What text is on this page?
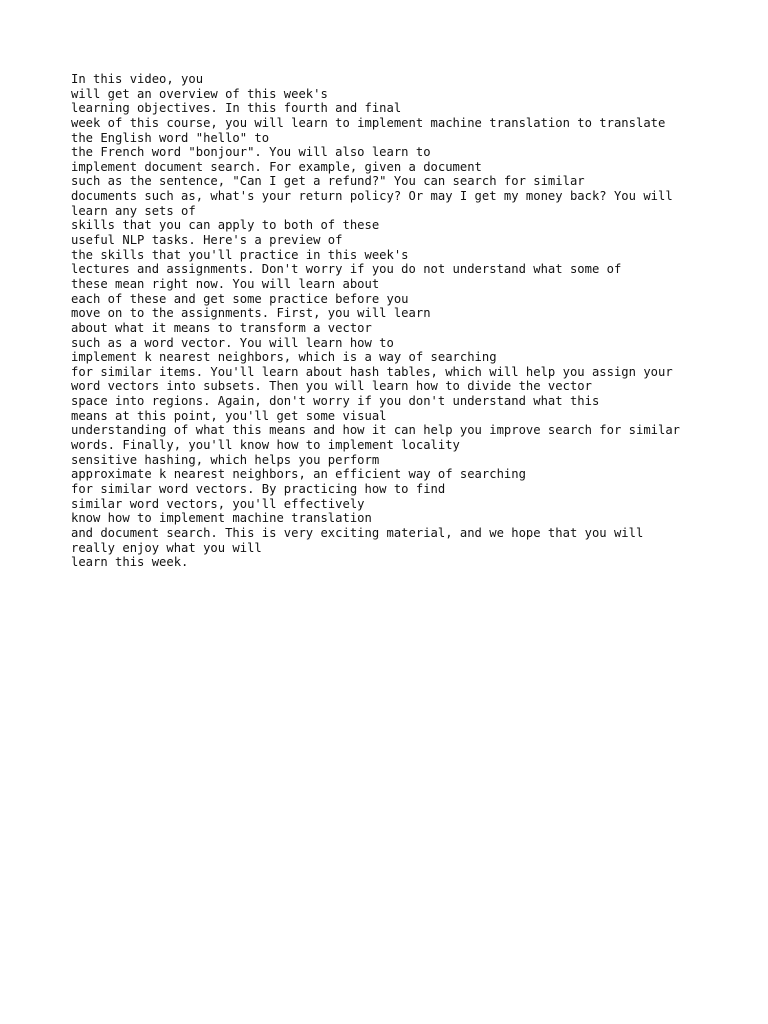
In this video, you
will get an overview of this week's
learning objectives. In this fourth and final
week of this course, you will learn to implement machine translation to translate
the English word "hello" to
the French word "bonjour". You will also learn to
implement document search. For example, given a document
such as the sentence, "Can I get a refund?" You can search for similar
documents such as, what's your return policy? Or may I get my money back? You will
learn any sets of
skills that you can apply to both of these
useful NLP tasks. Here's a preview of
the skills that you'll practice in this week's
lectures and assignments. Don't worry if you do not understand what some of
these mean right now. You will learn about
each of these and get some practice before you
move on to the assignments. First, you will learn
about what it means to transform a vector
such as a word vector. You will learn how to
implement k nearest neighbors, which is a way of searching
for similar items. You'll learn about hash tables, which will help you assign your
word vectors into subsets. Then you will learn how to divide the vector
space into regions. Again, don't worry if you don't understand what this
means at this point, you'll get some visual
understanding of what this means and how it can help you improve search for similar
words. Finally, you'll know how to implement locality
sensitive hashing, which helps you perform
approximate k nearest neighbors, an efficient way of searching
for similar word vectors. By practicing how to find
similar word vectors, you'll effectively
know how to implement machine translation
and document search. This is very exciting material, and we hope that you will
really enjoy what you will
learn this week.
